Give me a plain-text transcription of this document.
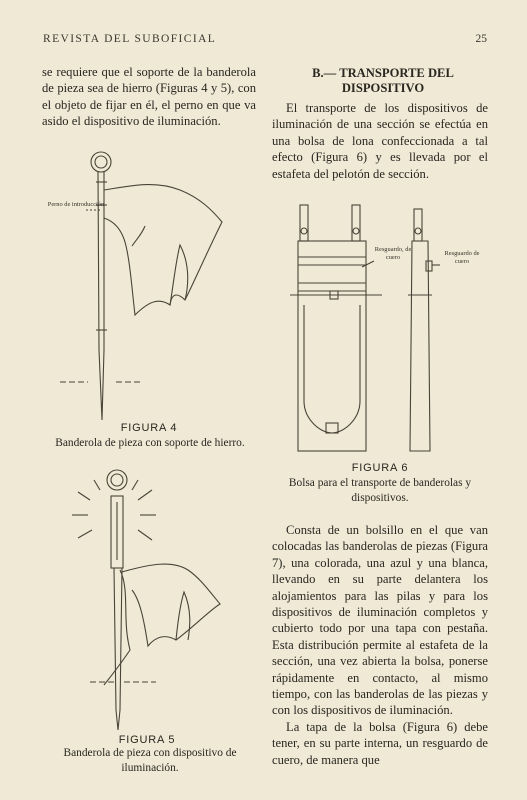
REVISTA DEL SUBOFICIAL	25

se requiere que el soporte de la banderola de pieza sea de hierro (Figuras 4 y 5), con el objeto de fijar en él, el perno en que va asido el dispositivo de iluminación.

Perno de introducción
FIGURA 4
Banderola de pieza con soporte de hierro.
FIGURA 5
Banderola de pieza con dispositivo de iluminación.
B.— TRANSPORTE DEL DISPOSITIVO

El transporte de los dispositivos de iluminación de una sección se efectúa en una bolsa de lona confeccionada a tal efecto (Figura 6) y es llevada por el estafeta del pelotón de sección.

Resguardo, de cuero
Resguardo de cuero
FIGURA 6
Bolsa para el transporte de banderolas y dispositivos.

Consta de un bolsillo en el que van colocadas las banderolas de piezas (Figura 7), una colorada, una azul y una blanca, llevando en su parte delantera los alojamientos para las pilas y para los dispositivos de iluminación completos y cubierto todo por una tapa con pestaña. Esta distribución permite al estafeta de la sección, una vez abierta la bolsa, ponerse rápidamente en contacto, al mismo tiempo, con las banderolas de las piezas y con los dispositivos de iluminación.

La tapa de la bolsa (Figura 6) debe tener, en su parte interna, un resguardo de cuero, de manera que
